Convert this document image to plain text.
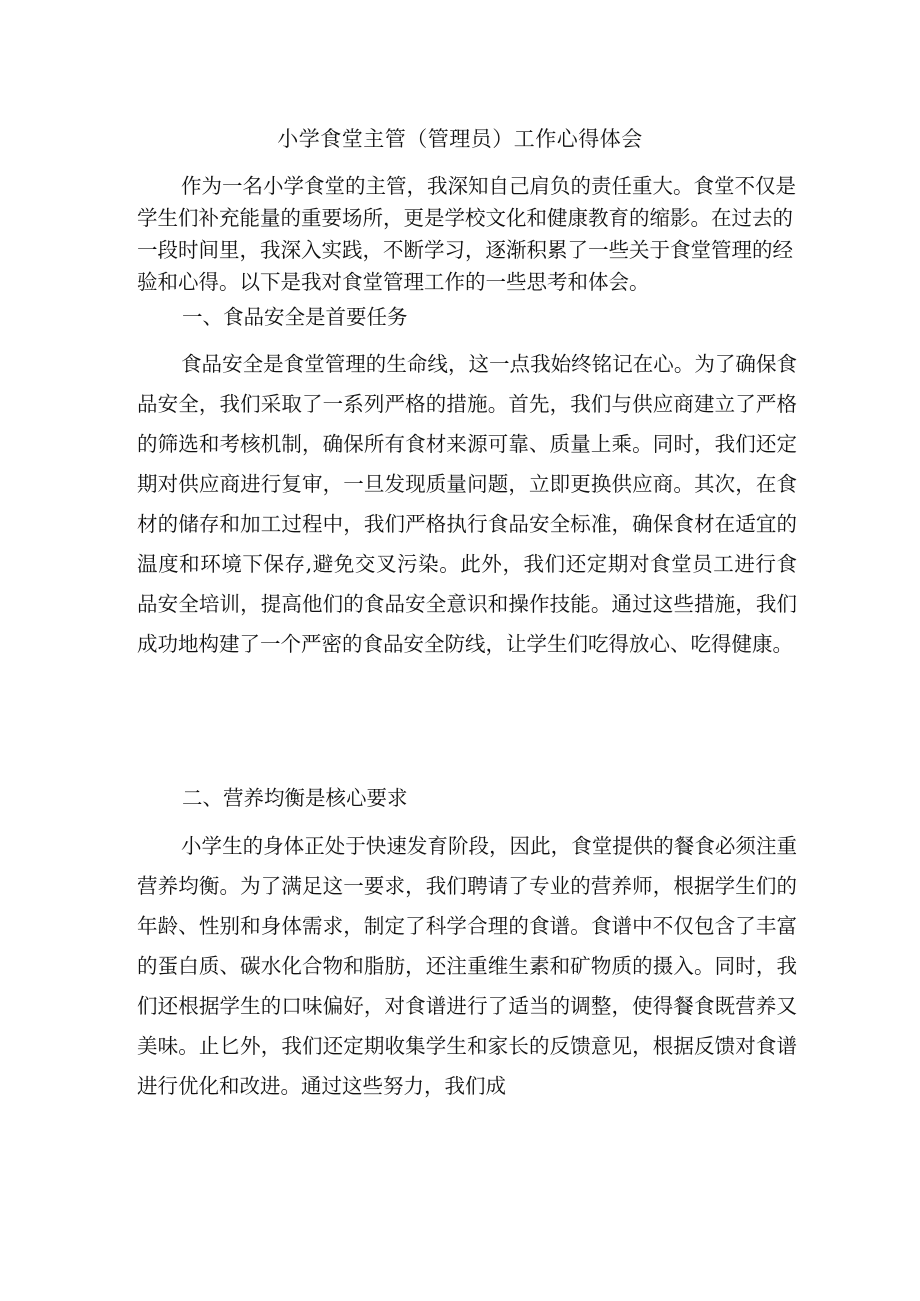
小学食堂主管（管理员）工作心得体会

作为一名小学食堂的主管，我深知自己肩负的责任重大。食堂不仅是学生们补充能量的重要场所，更是学校文化和健康教育的缩影。在过去的一段时间里，我深入实践，不断学习，逐渐积累了一些关于食堂管理的经验和心得。以下是我对食堂管理工作的一些思考和体会。

一、食品安全是首要任务

食品安全是食堂管理的生命线，这一点我始终铭记在心。为了确保食品安全，我们采取了一系列严格的措施。首先，我们与供应商建立了严格的筛选和考核机制，确保所有食材来源可靠、质量上乘。同时，我们还定期对供应商进行复审，一旦发现质量问题，立即更换供应商。其次，在食材的储存和加工过程中，我们严格执行食品安全标准，确保食材在适宜的温度和环境下保存,避免交叉污染。此外，我们还定期对食堂员工进行食品安全培训，提高他们的食品安全意识和操作技能。通过这些措施，我们成功地构建了一个严密的食品安全防线，让学生们吃得放心、吃得健康。

二、营养均衡是核心要求

小学生的身体正处于快速发育阶段，因此，食堂提供的餐食必须注重营养均衡。为了满足这一要求，我们聘请了专业的营养师，根据学生们的年龄、性别和身体需求，制定了科学合理的食谱。食谱中不仅包含了丰富的蛋白质、碳水化合物和脂肪，还注重维生素和矿物质的摄入。同时，我们还根据学生的口味偏好，对食谱进行了适当的调整，使得餐食既营养又美味。止匕外，我们还定期收集学生和家长的反馈意见，根据反馈对食谱进行优化和改进。通过这些努力，我们成
